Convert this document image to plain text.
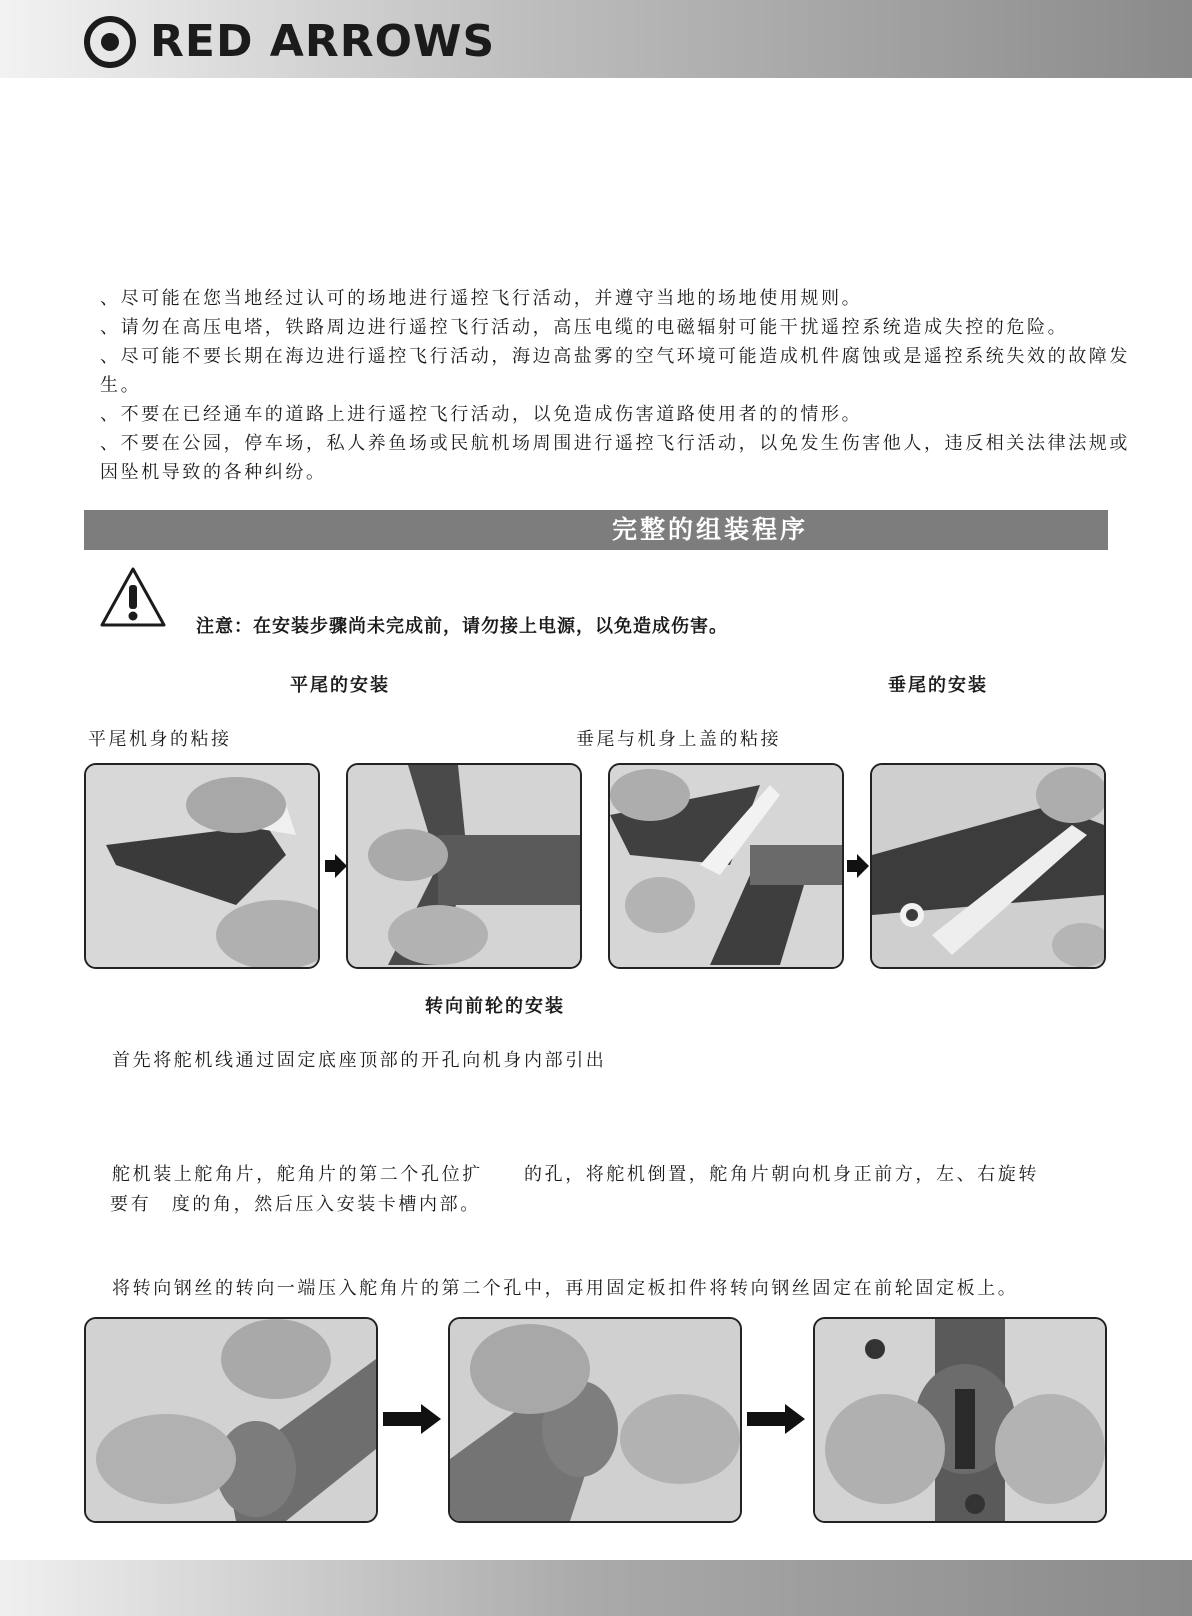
RED ARROWS
、尽可能在您当地经过认可的场地进行遥控飞行活动，并遵守当地的场地使用规则。
、请勿在高压电塔，铁路周边进行遥控飞行活动，高压电缆的电磁辐射可能干扰遥控系统造成失控的危险。
、尽可能不要长期在海边进行遥控飞行活动，海边高盐雾的空气环境可能造成机件腐蚀或是遥控系统失效的故障发生。
、不要在已经通车的道路上进行遥控飞行活动，以免造成伤害道路使用者的的情形。
、不要在公园，停车场，私人养鱼场或民航机场周围进行遥控飞行活动，以免发生伤害他人，违反相关法律法规或因坠机导致的各种纠纷。
完整的组装程序
注意：在安装步骤尚未完成前，请勿接上电源，以免造成伤害。
平尾的安装	垂尾的安装
平尾机身的粘接	垂尾与机身上盖的粘接
转向前轮的安装
首先将舵机线通过固定底座顶部的开孔向机身内部引出
舵机装上舵角片，舵角片的第二个孔位扩　　的孔，将舵机倒置，舵角片朝向机身正前方，左、右旋转
要有　度的角，然后压入安装卡槽内部。
将转向钢丝的转向一端压入舵角片的第二个孔中，再用固定板扣件将转向钢丝固定在前轮固定板上。
